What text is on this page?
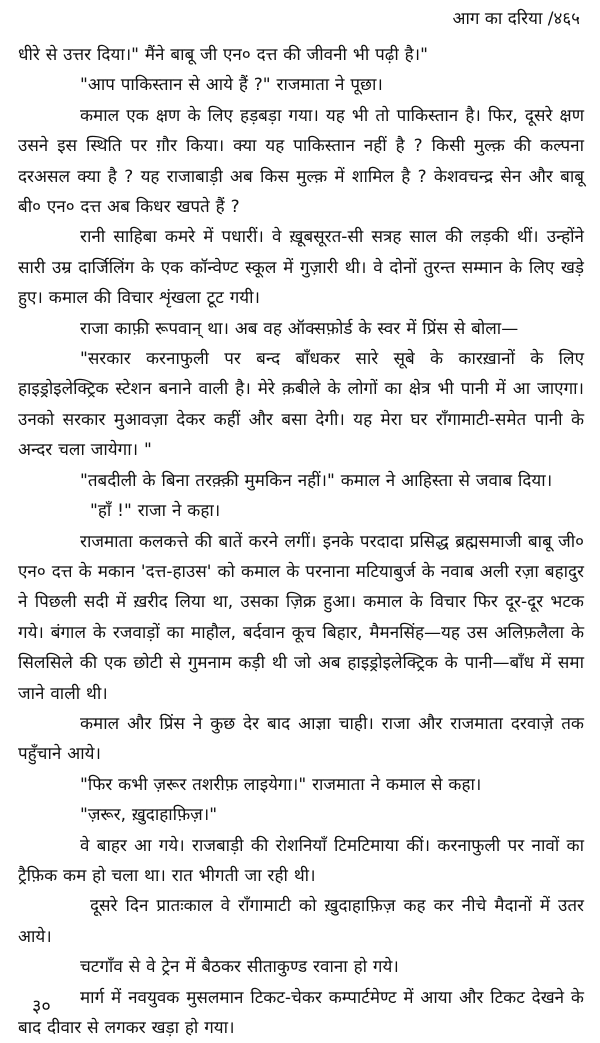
आग का दरिया /४६५

धीरे से उत्तर दिया।" मैंने बाबू जी एन० दत्त की जीवनी भी पढ़ी है।"

"आप पाकिस्तान से आये हैं ?" राजमाता ने पूछा।

कमाल एक क्षण के लिए हड़बड़ा गया। यह भी तो पाकिस्तान है। फिर, दूसरे क्षण उसने इस स्थिति पर ग़ौर किया। क्या यह पाकिस्तान नहीं है ? किसी मुल्क़ की कल्पना दरअसल क्या है ? यह राजाबाड़ी अब किस मुल्क़ में शामिल है ? केशवचन्द्र सेन और बाबू बी० एन० दत्त अब किधर खपते हैं ?

रानी साहिबा कमरे में पधारीं। वे ख़ूबसूरत-सी सत्रह साल की लड़की थीं। उन्होंने सारी उम्र दार्जिलिंग के एक कॉन्वेण्ट स्कूल में गुज़ारी थी। वे दोनों तुरन्त सम्मान के लिए खड़े हुए। कमाल की विचार शृंखला टूट गयी।

राजा काफ़ी रूपवान् था। अब वह ऑक्सफ़ोर्ड के स्वर में प्रिंस से बोला—

"सरकार करनाफुली पर बन्द बाँधकर सारे सूबे के कारख़ानों के लिए हाइड्रोइलेक्ट्रिक स्टेशन बनाने वाली है। मेरे क़बीले के लोगों का क्षेत्र भी पानी में आ जाएगा। उनको सरकार मुआवज़ा देकर कहीं और बसा देगी। यह मेरा घर रॉंगामाटी-समेत पानी के अन्दर चला जायेगा। "

"तबदीली के बिना तरक़्क़ी मुमकिन नहीं।" कमाल ने आहिस्ता से जवाब दिया।

"हाँ !" राजा ने कहा।

राजमाता कलकत्ते की बातें करने लगीं। इनके परदादा प्रसिद्ध ब्रह्मसमाजी बाबू जी० एन० दत्त के मकान 'दत्त-हाउस' को कमाल के परनाना मटियाबुर्ज के नवाब अली रज़ा बहादुर ने पिछली सदी में ख़रीद लिया था, उसका ज़िक्र हुआ। कमाल के विचार फिर दूर-दूर भटक गये। बंगाल के रजवाड़ों का माहौल, बर्दवान कूच बिहार, मैमनसिंह—यह उस अलिफ़लैला के सिलसिले की एक छोटी से गुमनाम कड़ी थी जो अब हाइड्रोइलेक्ट्रिक के पानी—बाँध में समा जाने वाली थी।

कमाल और प्रिंस ने कुछ देर बाद आज्ञा चाही। राजा और राजमाता दरवाज़े तक पहुँचाने आये।

"फिर कभी ज़रूर तशरीफ़ लाइयेगा।" राजमाता ने कमाल से कहा।

"ज़रूर, ख़ुदाहाफ़िज़।"

वे बाहर आ गये। राजबाड़ी की रोशनियाँ टिमटिमाया कीं। करनाफुली पर नावों का ट्रैफ़िक कम हो चला था। रात भीगती जा रही थी।

दूसरे दिन प्रातःकाल वे रॉंगामाटी को ख़ुदाहाफ़िज़ कह कर नीचे मैदानों में उतर आये।

चटगाँव से वे ट्रेन में बैठकर सीताकुण्ड रवाना हो गये।

मार्ग में नवयुवक मुसलमान टिकट-चेकर कम्पार्टमेण्ट में आया और टिकट देखने के बाद दीवार से लगकर खड़ा हो गया।

३०
